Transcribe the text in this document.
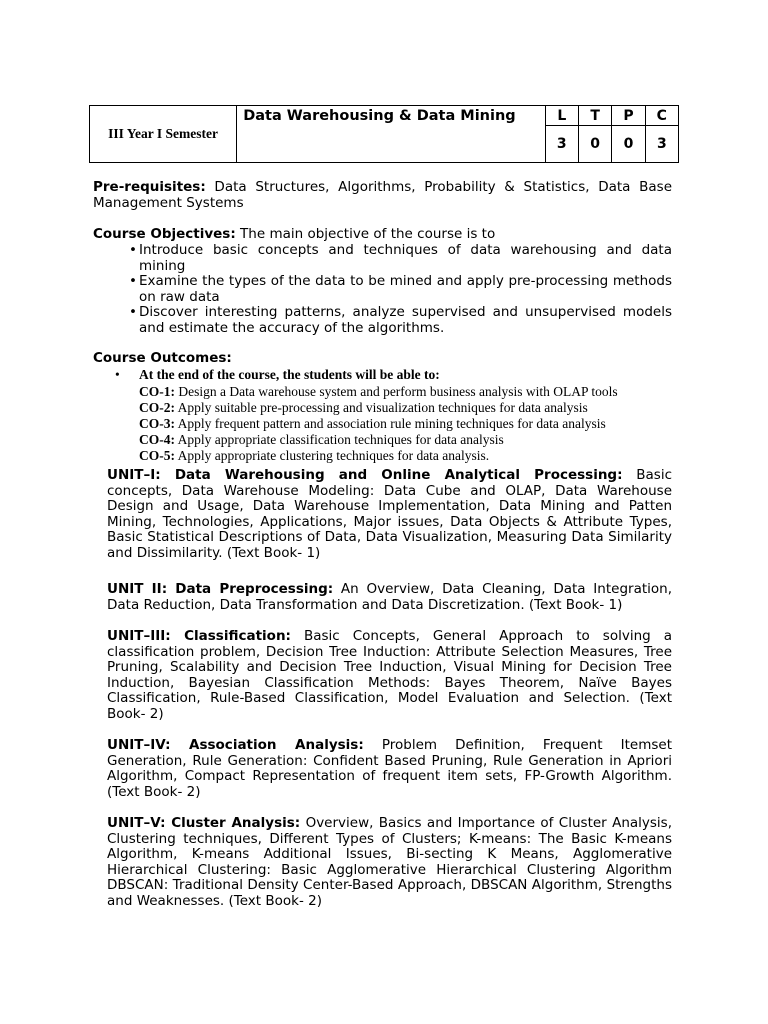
III Year I Semester	Data Warehousing & Data Mining	L	T	P	C
		3	0	0	3
Pre-requisites: Data Structures, Algorithms, Probability & Statistics, Data Base Management Systems
Course Objectives: The main objective of the course is to
• Introduce basic concepts and techniques of data warehousing and data mining
• Examine the types of the data to be mined and apply pre-processing methods on raw data
• Discover interesting patterns, analyze supervised and unsupervised models and estimate the accuracy of the algorithms.
Course Outcomes:
• At the end of the course, the students will be able to:
CO-1: Design a Data warehouse system and perform business analysis with OLAP tools
CO-2: Apply suitable pre-processing and visualization techniques for data analysis
CO-3: Apply frequent pattern and association rule mining techniques for data analysis
CO-4: Apply appropriate classification techniques for data analysis
CO-5: Apply appropriate clustering techniques for data analysis.
UNIT–I: Data Warehousing and Online Analytical Processing: Basic concepts, Data Warehouse Modeling: Data Cube and OLAP, Data Warehouse Design and Usage, Data Warehouse Implementation, Data Mining and Patten Mining, Technologies, Applications, Major issues, Data Objects & Attribute Types, Basic Statistical Descriptions of Data, Data Visualization, Measuring Data Similarity and Dissimilarity. (Text Book- 1)
UNIT II: Data Preprocessing: An Overview, Data Cleaning, Data Integration, Data Reduction, Data Transformation and Data Discretization. (Text Book- 1)
UNIT–III: Classification: Basic Concepts, General Approach to solving a classification problem, Decision Tree Induction: Attribute Selection Measures, Tree Pruning, Scalability and Decision Tree Induction, Visual Mining for Decision Tree Induction, Bayesian Classification Methods: Bayes Theorem, Naïve Bayes Classification, Rule-Based Classification, Model Evaluation and Selection. (Text Book- 2)
UNIT–IV: Association Analysis: Problem Definition, Frequent Itemset Generation, Rule Generation: Confident Based Pruning, Rule Generation in Apriori Algorithm, Compact Representation of frequent item sets, FP-Growth Algorithm. (Text Book- 2)
UNIT–V: Cluster Analysis: Overview, Basics and Importance of Cluster Analysis, Clustering techniques, Different Types of Clusters; K-means: The Basic K-means Algorithm, K-means Additional Issues, Bi-secting K Means, Agglomerative Hierarchical Clustering: Basic Agglomerative Hierarchical Clustering Algorithm DBSCAN: Traditional Density Center-Based Approach, DBSCAN Algorithm, Strengths and Weaknesses. (Text Book- 2)
